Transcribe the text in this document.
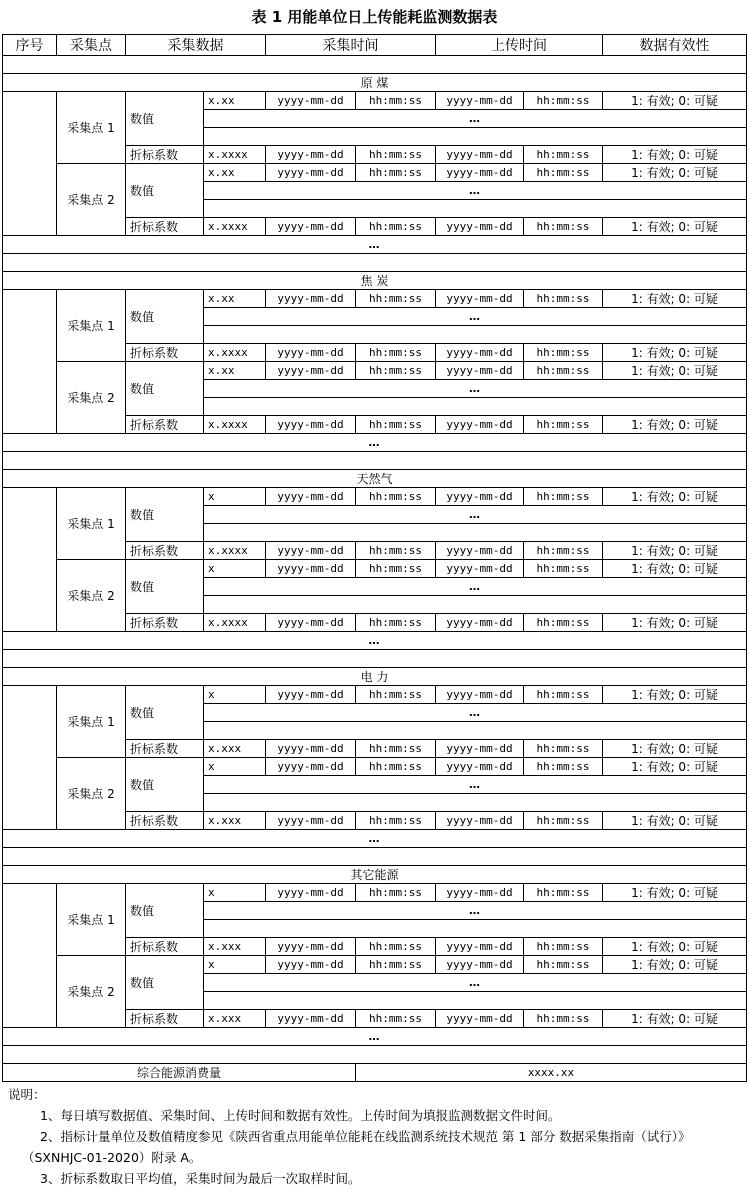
表 1 用能单位日上传能耗监测数据表
序号	采集点	采集数据		采集时间		上传时间		数据有效性

原 煤								
	采集点 1	数值	x.xx	yyyy-mm-dd	hh:mm:ss	yyyy-mm-dd	hh:mm:ss	1: 有效; 0: 可疑
			…					

		折标系数	x.xxxx	yyyy-mm-dd	hh:mm:ss	yyyy-mm-dd	hh:mm:ss	1: 有效; 0: 可疑
	采集点 2	数值	x.xx	yyyy-mm-dd	hh:mm:ss	yyyy-mm-dd	hh:mm:ss	1: 有效; 0: 可疑
			…					

		折标系数	x.xxxx	yyyy-mm-dd	hh:mm:ss	yyyy-mm-dd	hh:mm:ss	1: 有效; 0: 可疑
…								

焦 炭								
	采集点 1	数值	x.xx	yyyy-mm-dd	hh:mm:ss	yyyy-mm-dd	hh:mm:ss	1: 有效; 0: 可疑
			…					

		折标系数	x.xxxx	yyyy-mm-dd	hh:mm:ss	yyyy-mm-dd	hh:mm:ss	1: 有效; 0: 可疑
	采集点 2	数值	x.xx	yyyy-mm-dd	hh:mm:ss	yyyy-mm-dd	hh:mm:ss	1: 有效; 0: 可疑
			…					

		折标系数	x.xxxx	yyyy-mm-dd	hh:mm:ss	yyyy-mm-dd	hh:mm:ss	1: 有效; 0: 可疑
…								

天然气								
	采集点 1	数值	x	yyyy-mm-dd	hh:mm:ss	yyyy-mm-dd	hh:mm:ss	1: 有效; 0: 可疑
			…					

		折标系数	x.xxxx	yyyy-mm-dd	hh:mm:ss	yyyy-mm-dd	hh:mm:ss	1: 有效; 0: 可疑
	采集点 2	数值	x	yyyy-mm-dd	hh:mm:ss	yyyy-mm-dd	hh:mm:ss	1: 有效; 0: 可疑
			…					

		折标系数	x.xxxx	yyyy-mm-dd	hh:mm:ss	yyyy-mm-dd	hh:mm:ss	1: 有效; 0: 可疑
…								

电 力								
	采集点 1	数值	x	yyyy-mm-dd	hh:mm:ss	yyyy-mm-dd	hh:mm:ss	1: 有效; 0: 可疑
			…					

		折标系数	x.xxx	yyyy-mm-dd	hh:mm:ss	yyyy-mm-dd	hh:mm:ss	1: 有效; 0: 可疑
	采集点 2	数值	x	yyyy-mm-dd	hh:mm:ss	yyyy-mm-dd	hh:mm:ss	1: 有效; 0: 可疑
			…					

		折标系数	x.xxx	yyyy-mm-dd	hh:mm:ss	yyyy-mm-dd	hh:mm:ss	1: 有效; 0: 可疑
…								

其它能源								
	采集点 1	数值	x	yyyy-mm-dd	hh:mm:ss	yyyy-mm-dd	hh:mm:ss	1: 有效; 0: 可疑
			…					

		折标系数	x.xxx	yyyy-mm-dd	hh:mm:ss	yyyy-mm-dd	hh:mm:ss	1: 有效; 0: 可疑
	采集点 2	数值	x	yyyy-mm-dd	hh:mm:ss	yyyy-mm-dd	hh:mm:ss	1: 有效; 0: 可疑
			…					

		折标系数	x.xxx	yyyy-mm-dd	hh:mm:ss	yyyy-mm-dd	hh:mm:ss	1: 有效; 0: 可疑
…								

综合能源消费量					xxxx.xx			
说明：
1、每日填写数据值、采集时间、上传时间和数据有效性。上传时间为填报监测数据文件时间。
2、指标计量单位及数值精度参见《陕西省重点用能单位能耗在线监测系统技术规范 第 1 部分 数据采集指南（试行）》（SXNHJC-01-2020）附录 A。
3、折标系数取日平均值，采集时间为最后一次取样时间。
